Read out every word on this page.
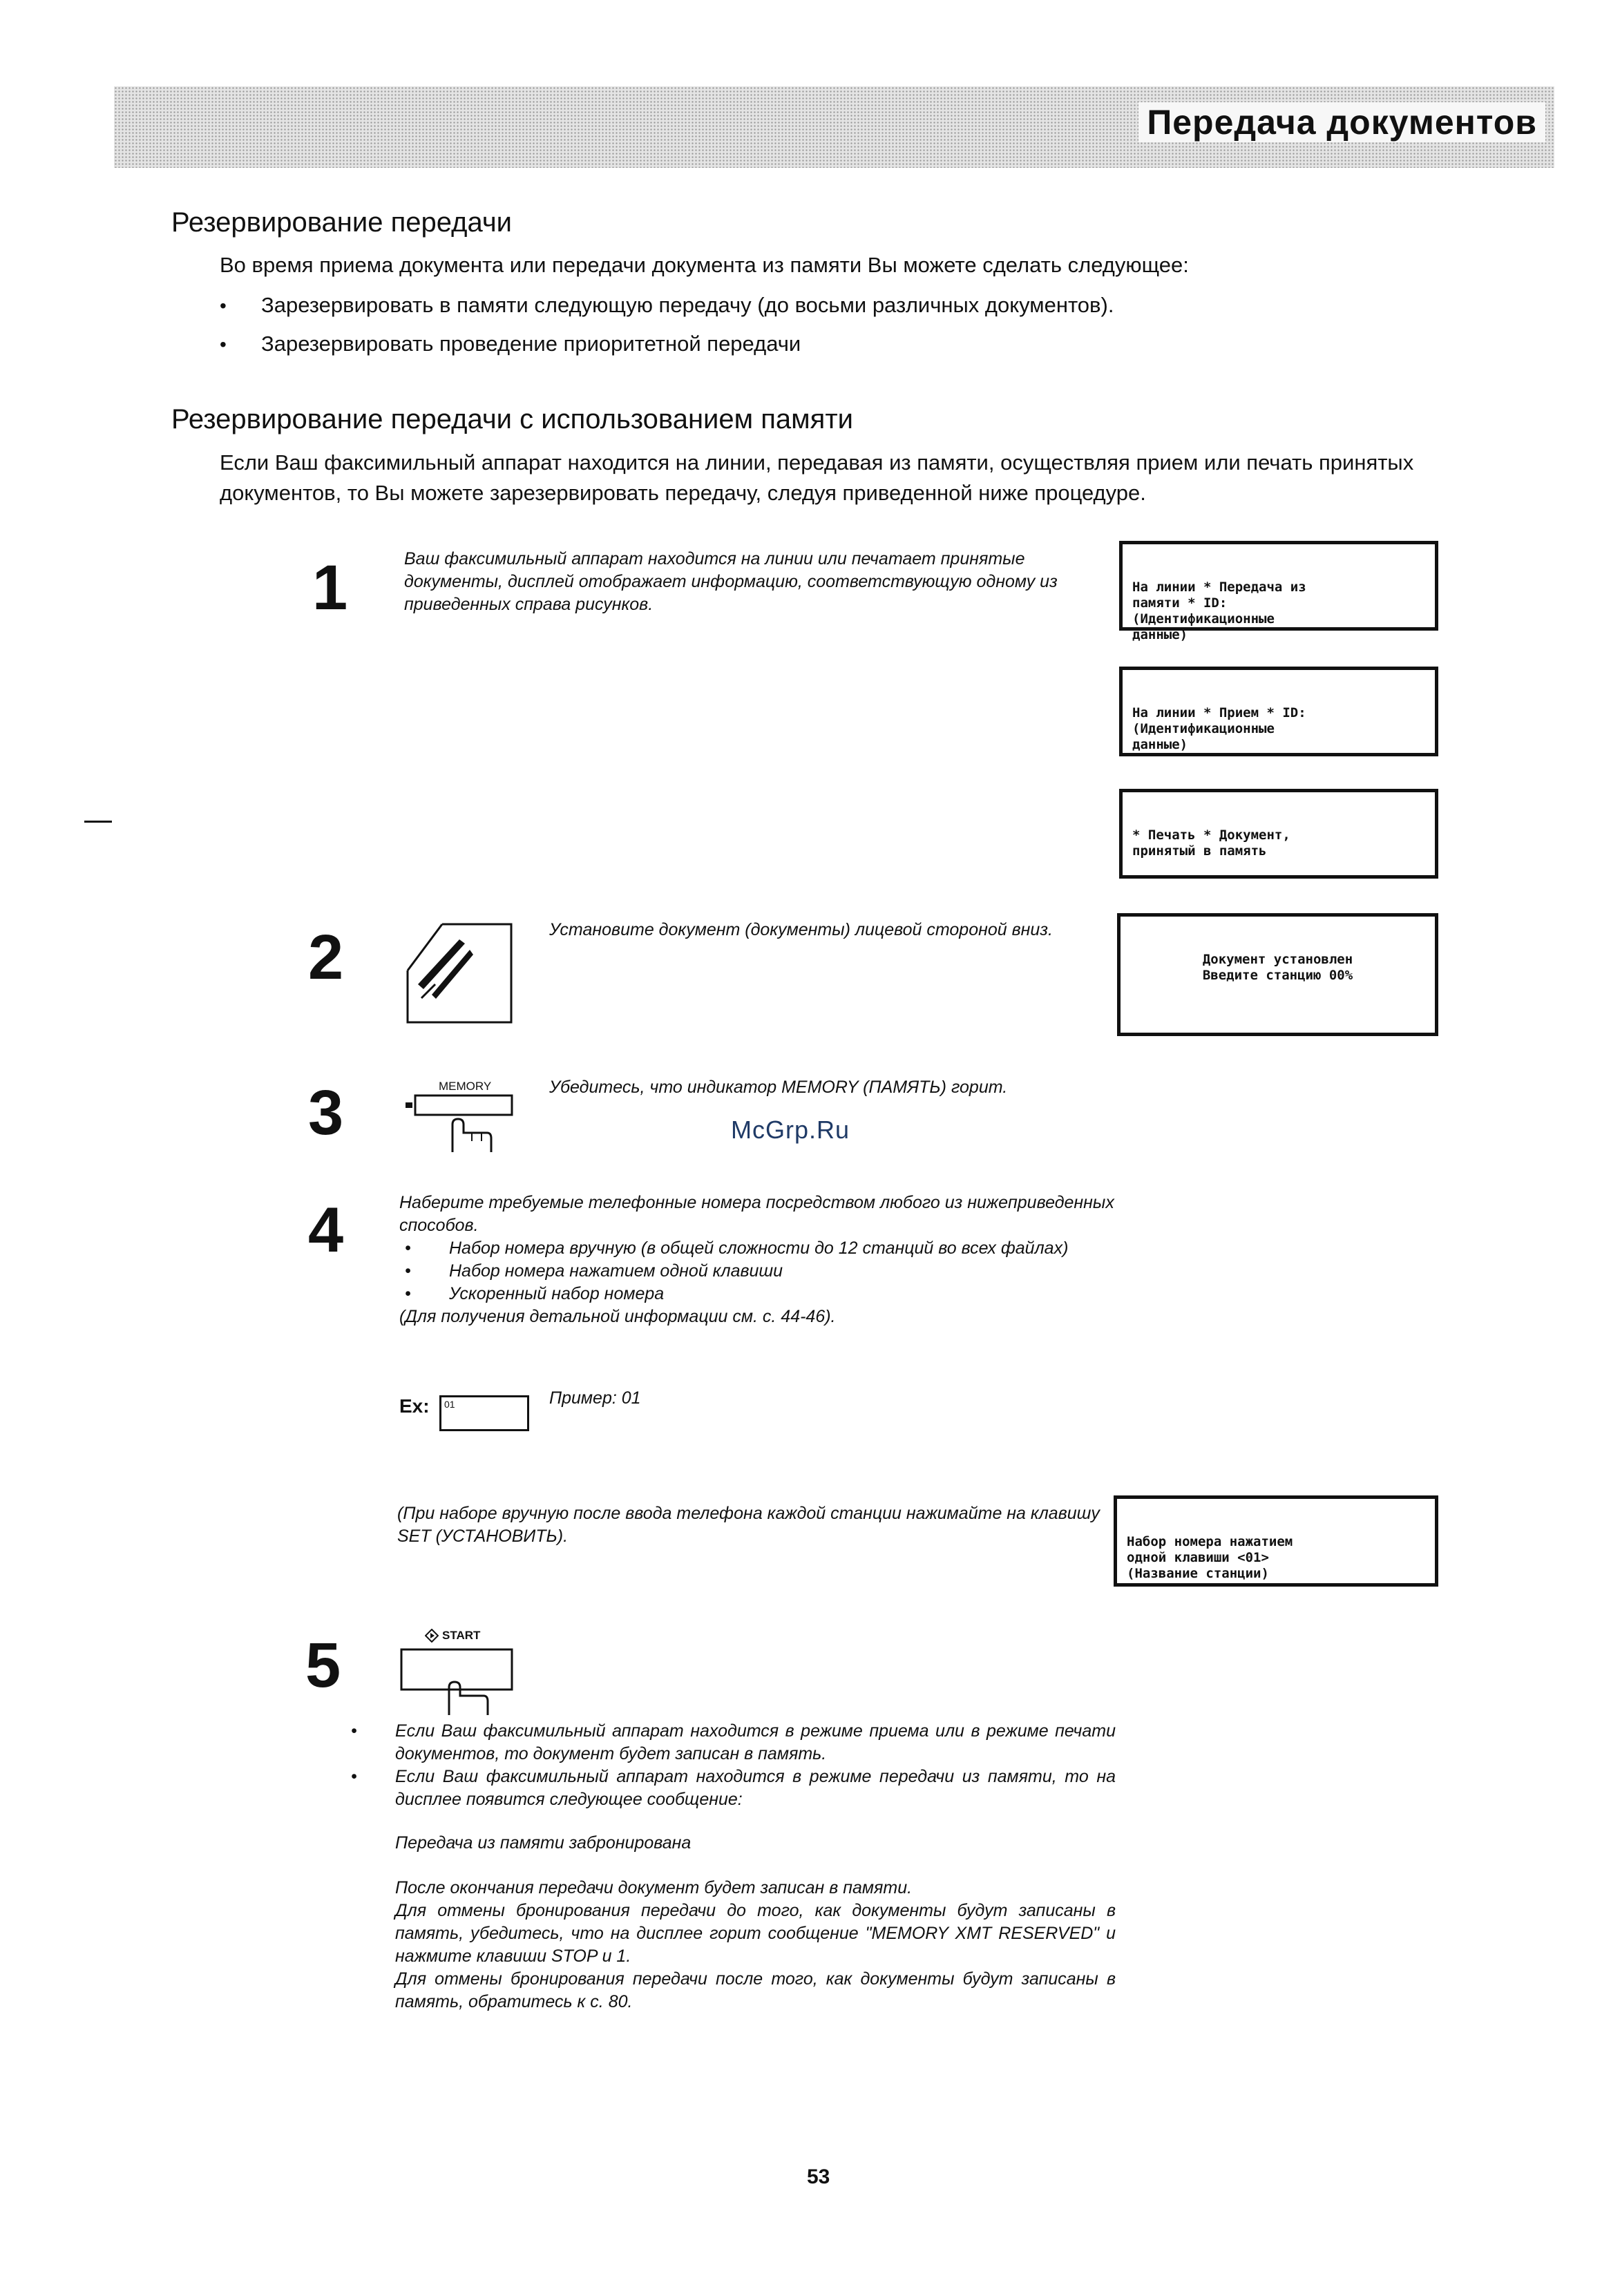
Передача документов
Резервирование передачи
Во время приема документа или передачи документа из памяти Вы можете сделать следующее:
• Зарезервировать в памяти следующую передачу (до восьми различных документов).
• Зарезервировать проведение приоритетной передачи
Резервирование передачи с использованием памяти
Если Ваш факсимильный аппарат находится на линии, передавая из памяти, осуществляя прием или печать принятых документов, то Вы можете зарезервировать передачу, следуя приведенной ниже процедуре.
1	Ваш факсимильный аппарат находится на линии или печатает принятые документы, дисплей отображает информацию, соответствующую одному из приведенных справа рисунков.

На линии * Передача из

памяти * ID:

(Идентификационные

данные)

На линии * Прием * ID:

(Идентификационные

данные)

* Печать * Документ,

принятый в память

2	Установите документ (документы) лицевой стороной вниз.

Документ установлен

Введите станцию 00%

3	MEMORY	Убедитесь, что индикатор MEMORY (ПАМЯТЬ) горит.
McGrp.Ru
4	Наберите требуемые телефонные номера посредством любого из нижеприведенных способов.
• Набор номера вручную (в общей сложности до 12 станций во всех файлах)
• Набор номера нажатием одной клавиши
• Ускоренный набор номера
(Для получения детальной информации см. с. 44-46).
Ex:	01	Пример: 01
(При наборе вручную после ввода телефона каждой станции нажимайте на клавишу SET (УСТАНОВИТЬ).

	Набор номера нажатием

одной клавиши <01>

(Название станции)

5	START
• Если Ваш факсимильный аппарат находится в режиме приема или в режиме печати документов, то документ будет записан в память.
• Если Ваш факсимильный аппарат находится в режиме передачи из памяти, то на дисплее появится следующее сообщение:
Передача из памяти забронирована
После окончания передачи документ будет записан в памяти.
Для отмены бронирования передачи до того, как документы будут записаны в память, убедитесь, что на дисплее горит сообщение "MEMORY XMT RESERVED" и нажмите клавиши STOP и 1.
Для отмены бронирования передачи после того, как документы будут записаны в память, обратитесь к с. 80.
53
